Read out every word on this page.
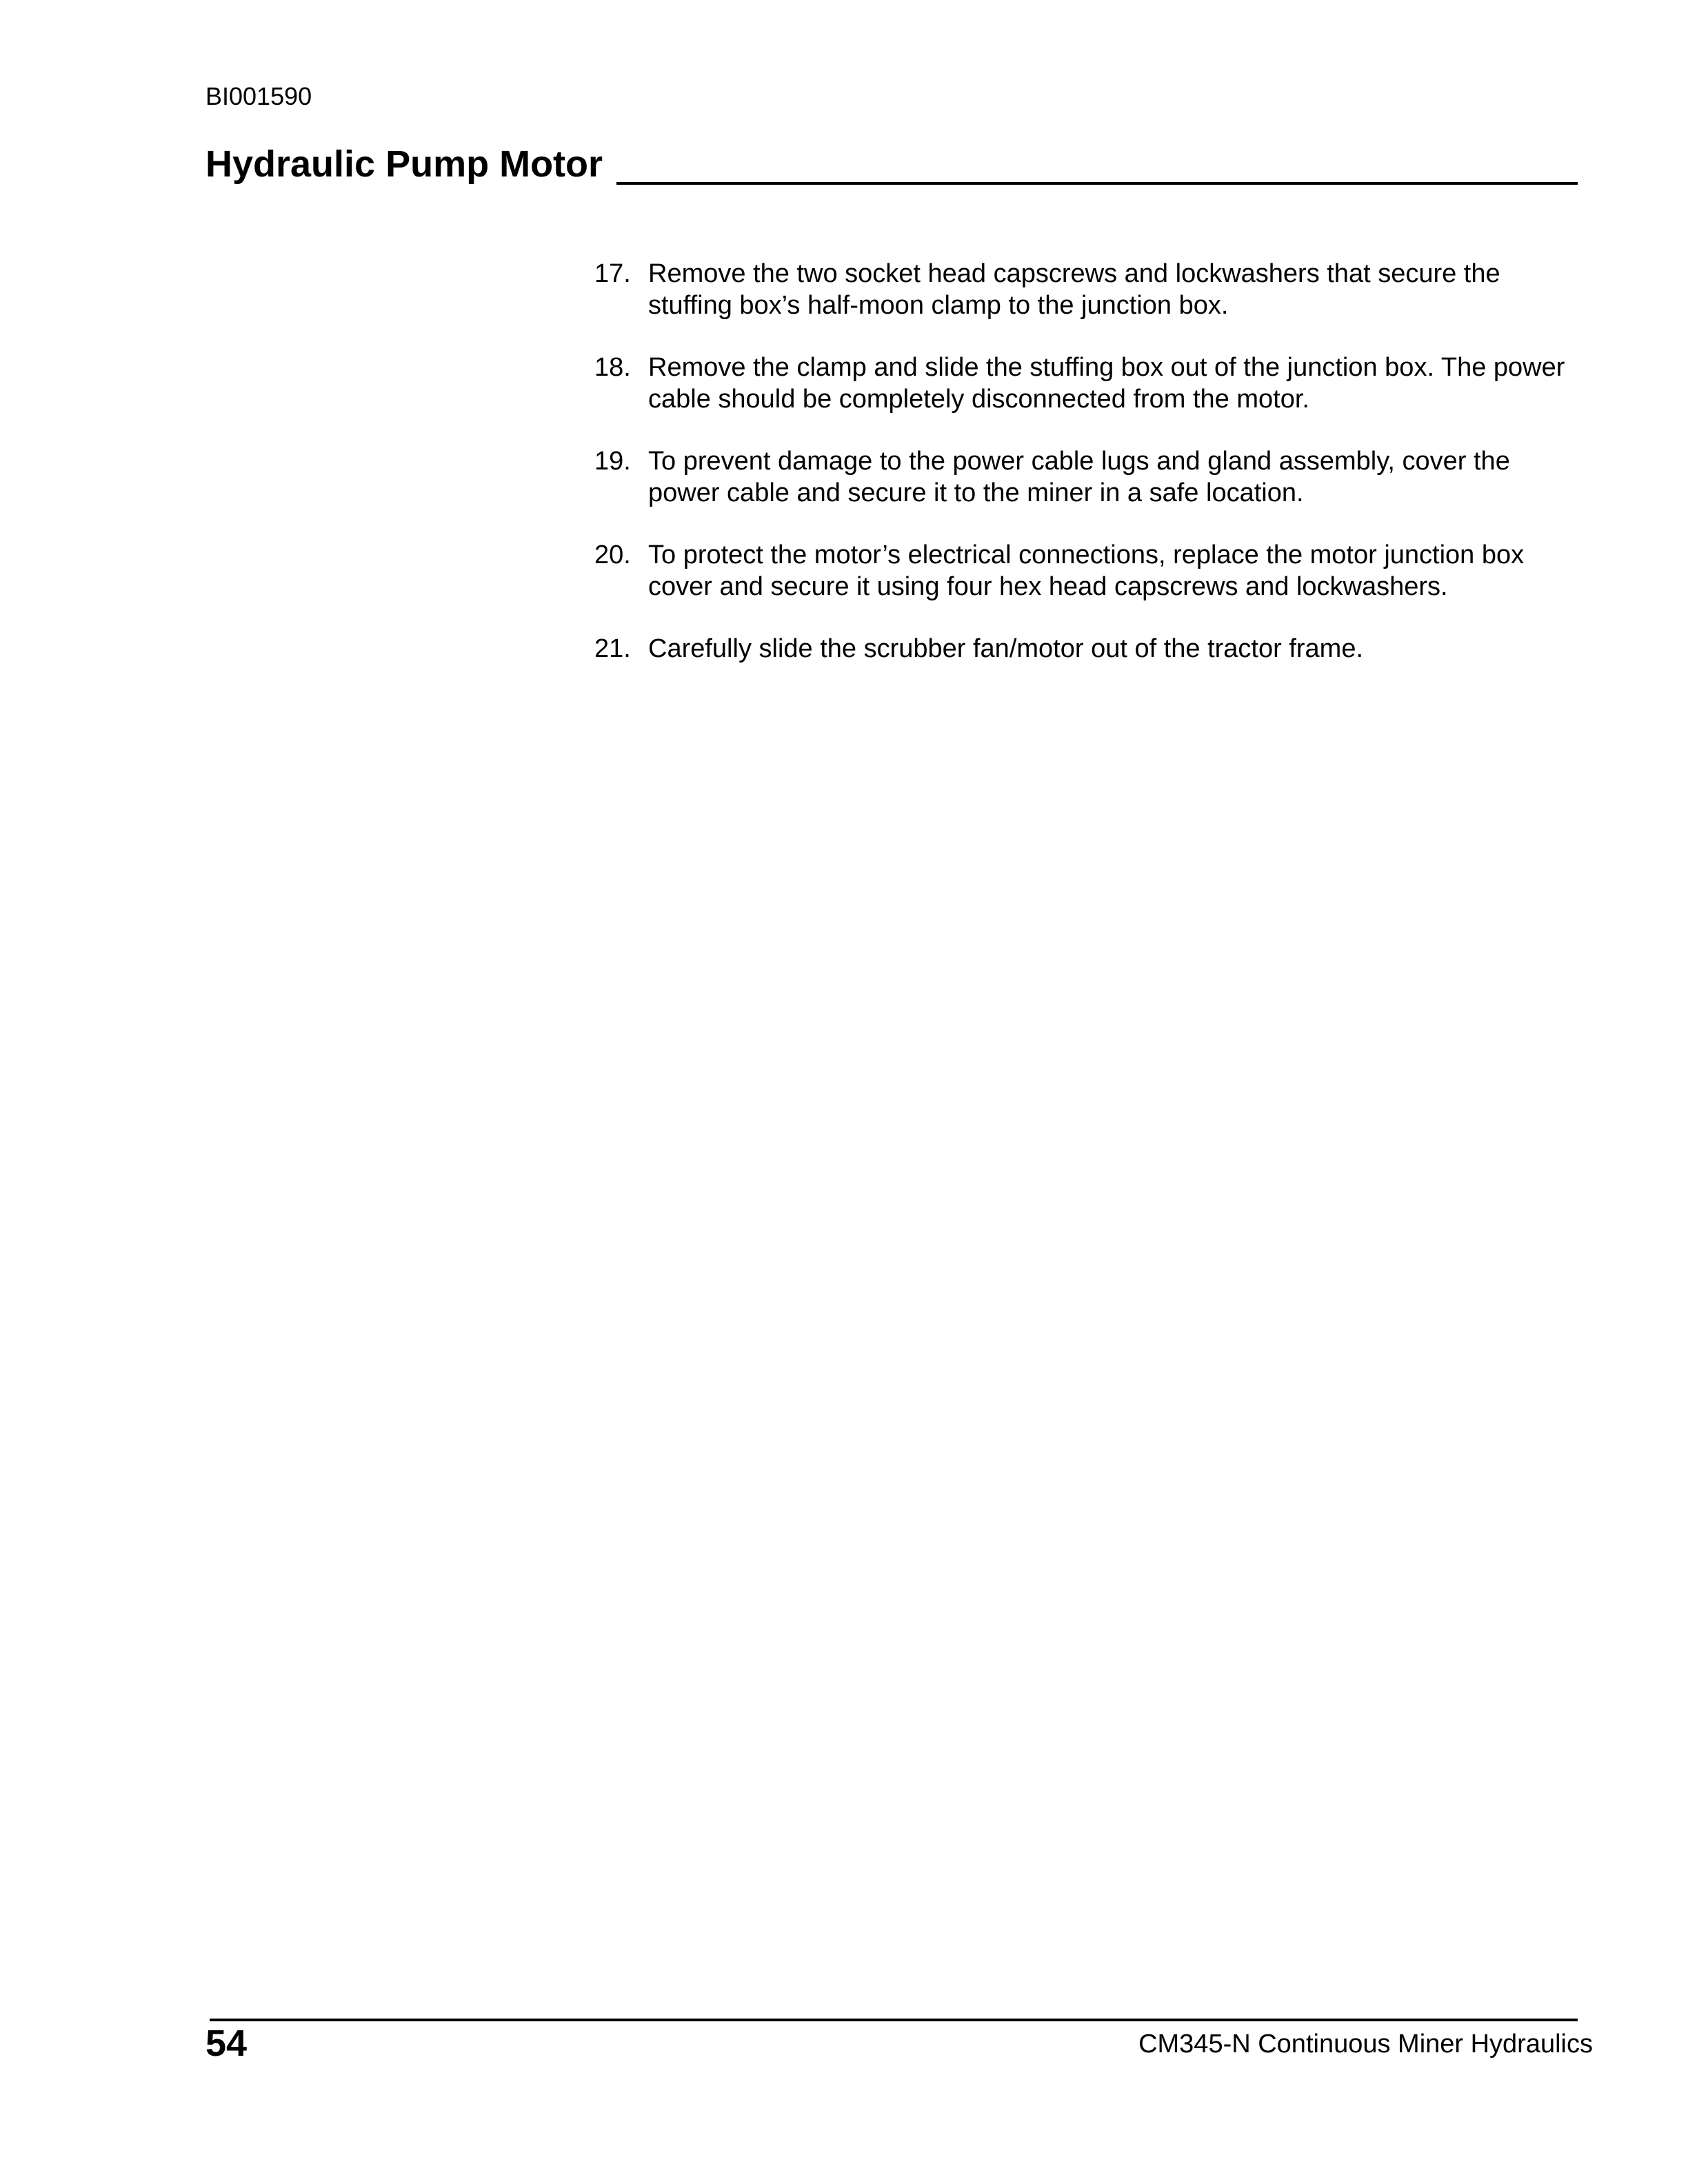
BI001590
Hydraulic Pump Motor
17. Remove the two socket head capscrews and lockwashers that secure the stuffing box’s half-moon clamp to the junction box.
18. Remove the clamp and slide the stuffing box out of the junction box. The power cable should be completely disconnected from the motor.
19. To prevent damage to the power cable lugs and gland assembly, cover the power cable and secure it to the miner in a safe location.
20. To protect the motor’s electrical connections, replace the motor junction box cover and secure it using four hex head capscrews and lockwashers.
21. Carefully slide the scrubber fan/motor out of the tractor frame.
54	CM345-N Continuous Miner Hydraulics
